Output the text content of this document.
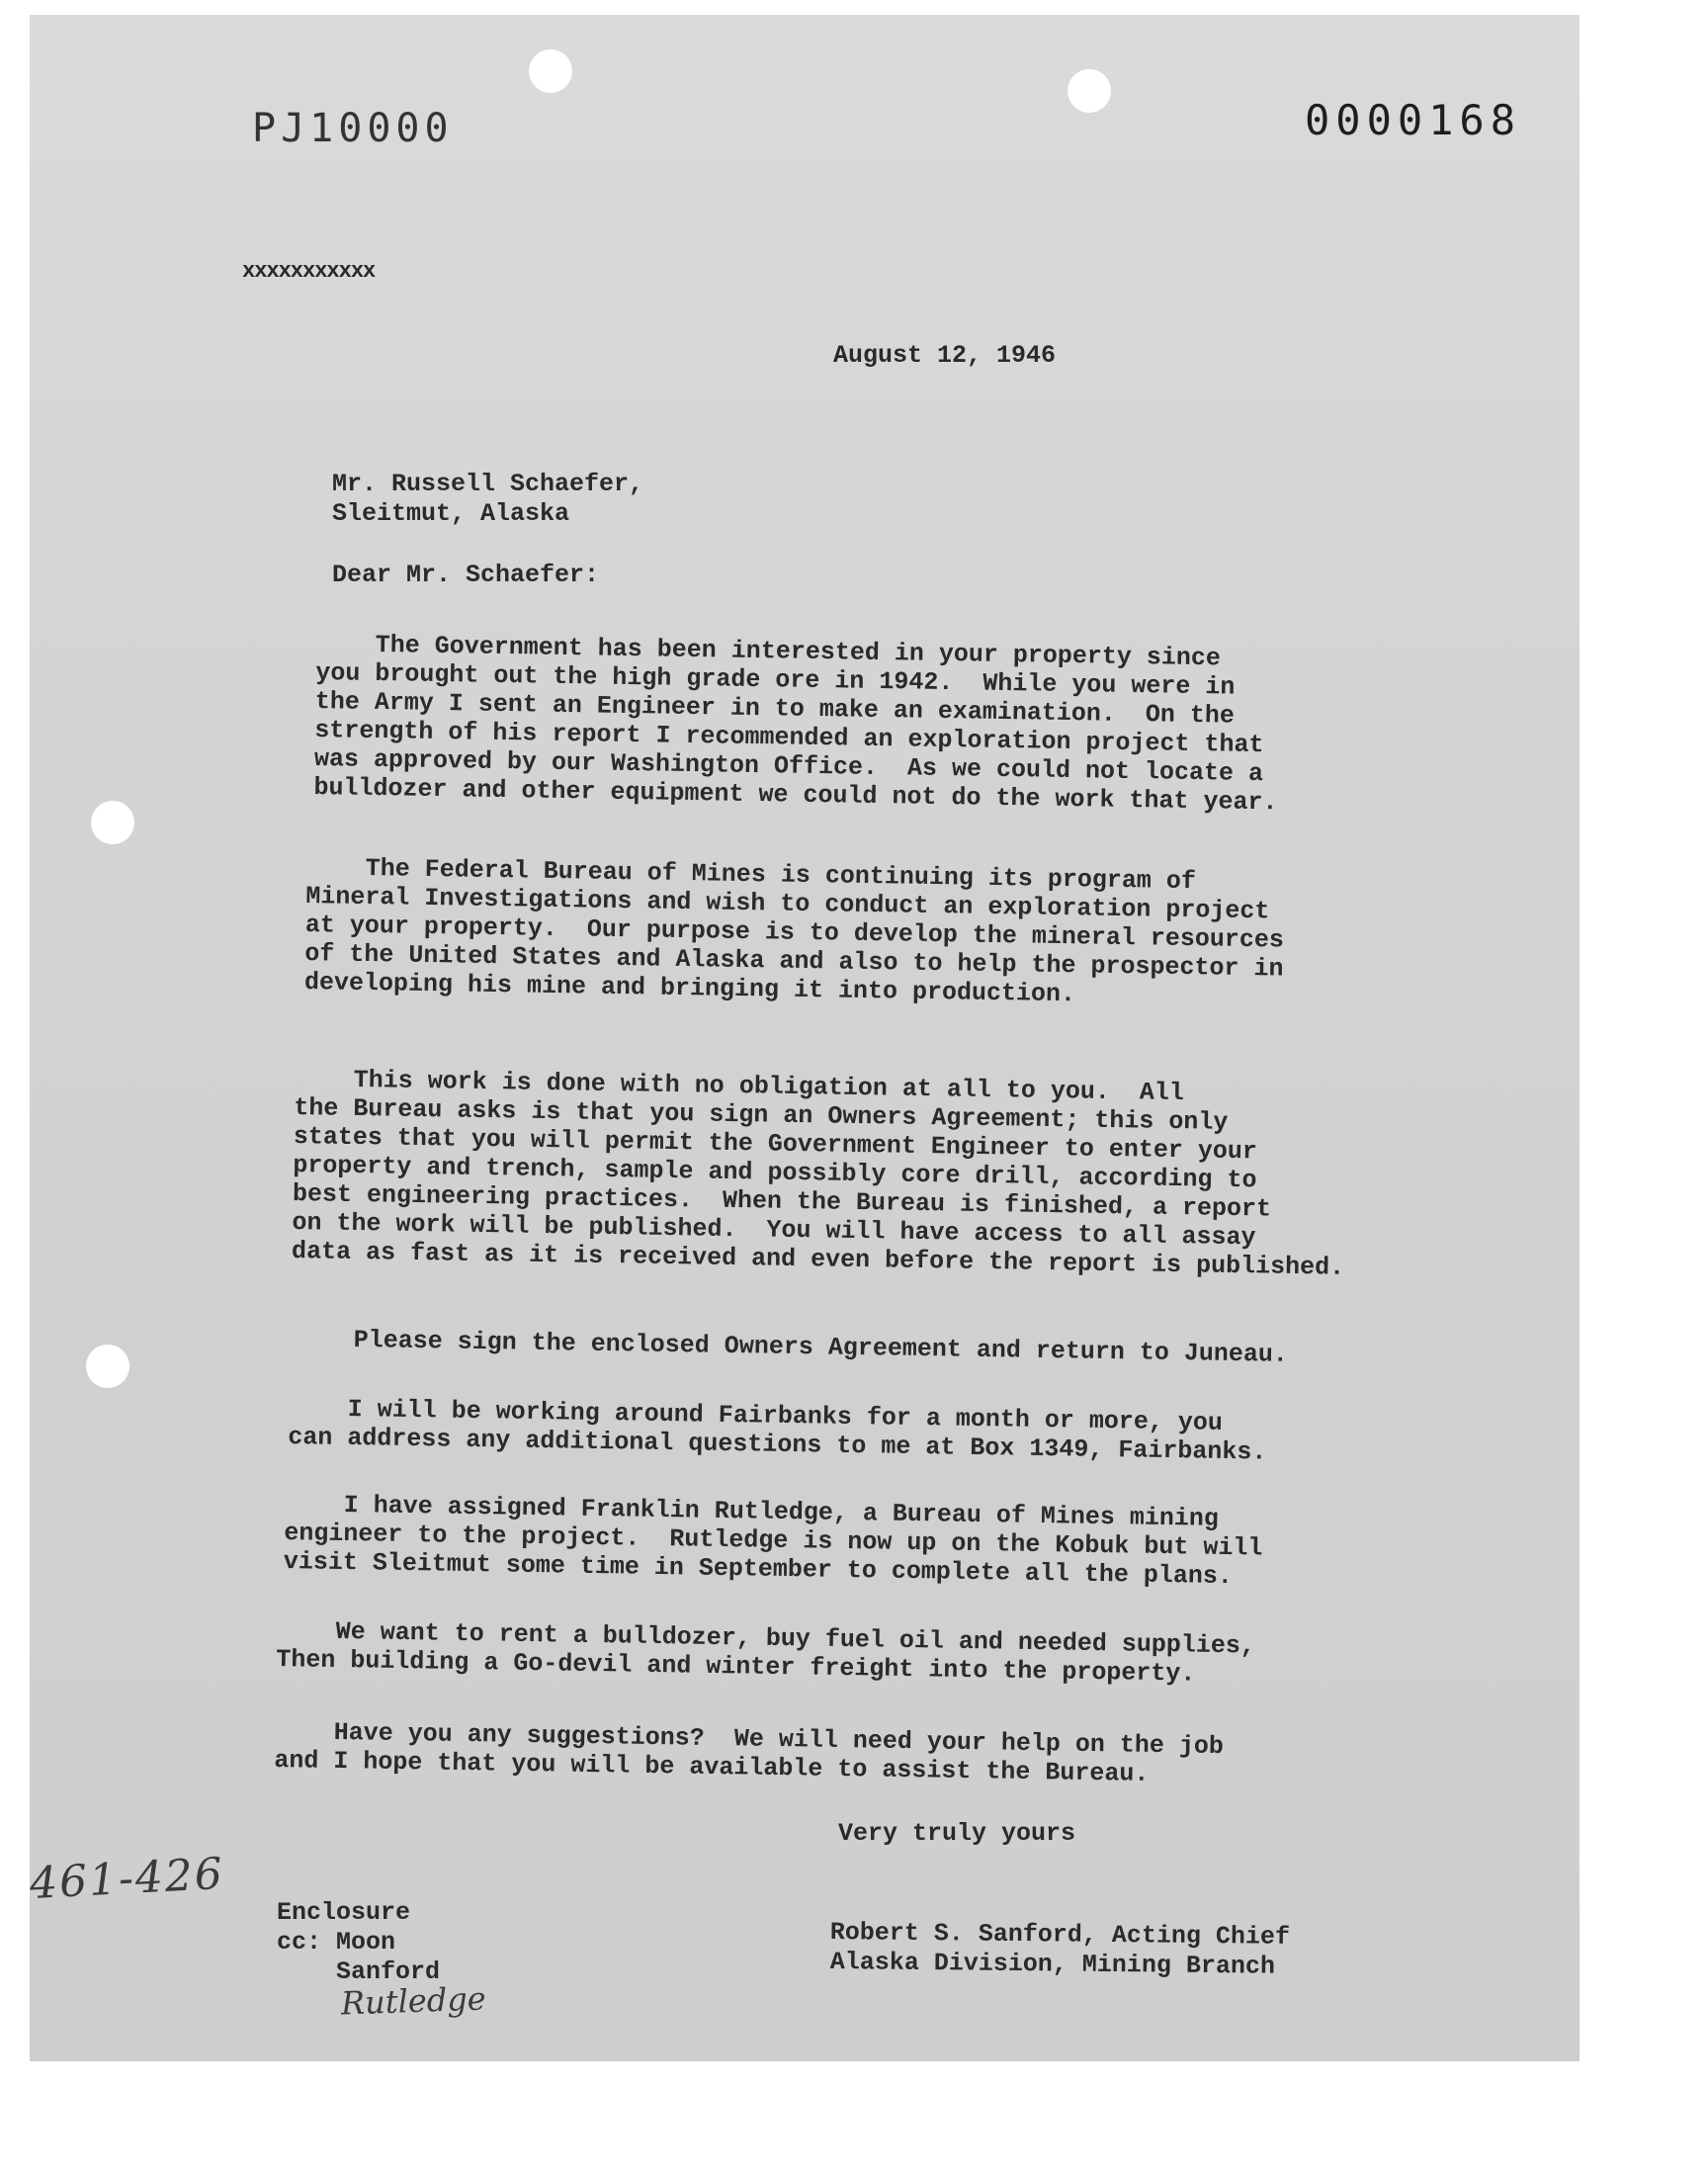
PJ10000	0000168
xxxxxxxxxxx
August 12, 1946
Mr. Russell Schaefer,
Sleitmut, Alaska
Dear Mr. Schaefer:
The Government has been interested in your property since
you brought out the high grade ore in 1942.  While you were in
the Army I sent an Engineer in to make an examination.  On the
strength of his report I recommended an exploration project that
was approved by our Washington Office.  As we could not locate a
bulldozer and other equipment we could not do the work that year.
The Federal Bureau of Mines is continuing its program of
Mineral Investigations and wish to conduct an exploration project
at your property.  Our purpose is to develop the mineral resources
of the United States and Alaska and also to help the prospector in
developing his mine and bringing it into production.
This work is done with no obligation at all to you.  All
the Bureau asks is that you sign an Owners Agreement; this only
states that you will permit the Government Engineer to enter your
property and trench, sample and possibly core drill, according to
best engineering practices.  When the Bureau is finished, a report
on the work will be published.  You will have access to all assay
data as fast as it is received and even before the report is published.
Please sign the enclosed Owners Agreement and return to Juneau.
I will be working around Fairbanks for a month or more, you
can address any additional questions to me at Box 1349, Fairbanks.
I have assigned Franklin Rutledge, a Bureau of Mines mining
engineer to the project.  Rutledge is now up on the Kobuk but will
visit Sleitmut some time in September to complete all the plans.
We want to rent a bulldozer, buy fuel oil and needed supplies,
Then building a Go-devil and winter freight into the property.
Have you any suggestions?  We will need your help on the job
and I hope that you will be available to assist the Bureau.
Very truly yours
Enclosure
cc: Moon
Sanford
Robert S. Sanford, Acting Chief
Alaska Division, Mining Branch
461-426
Rutledge
